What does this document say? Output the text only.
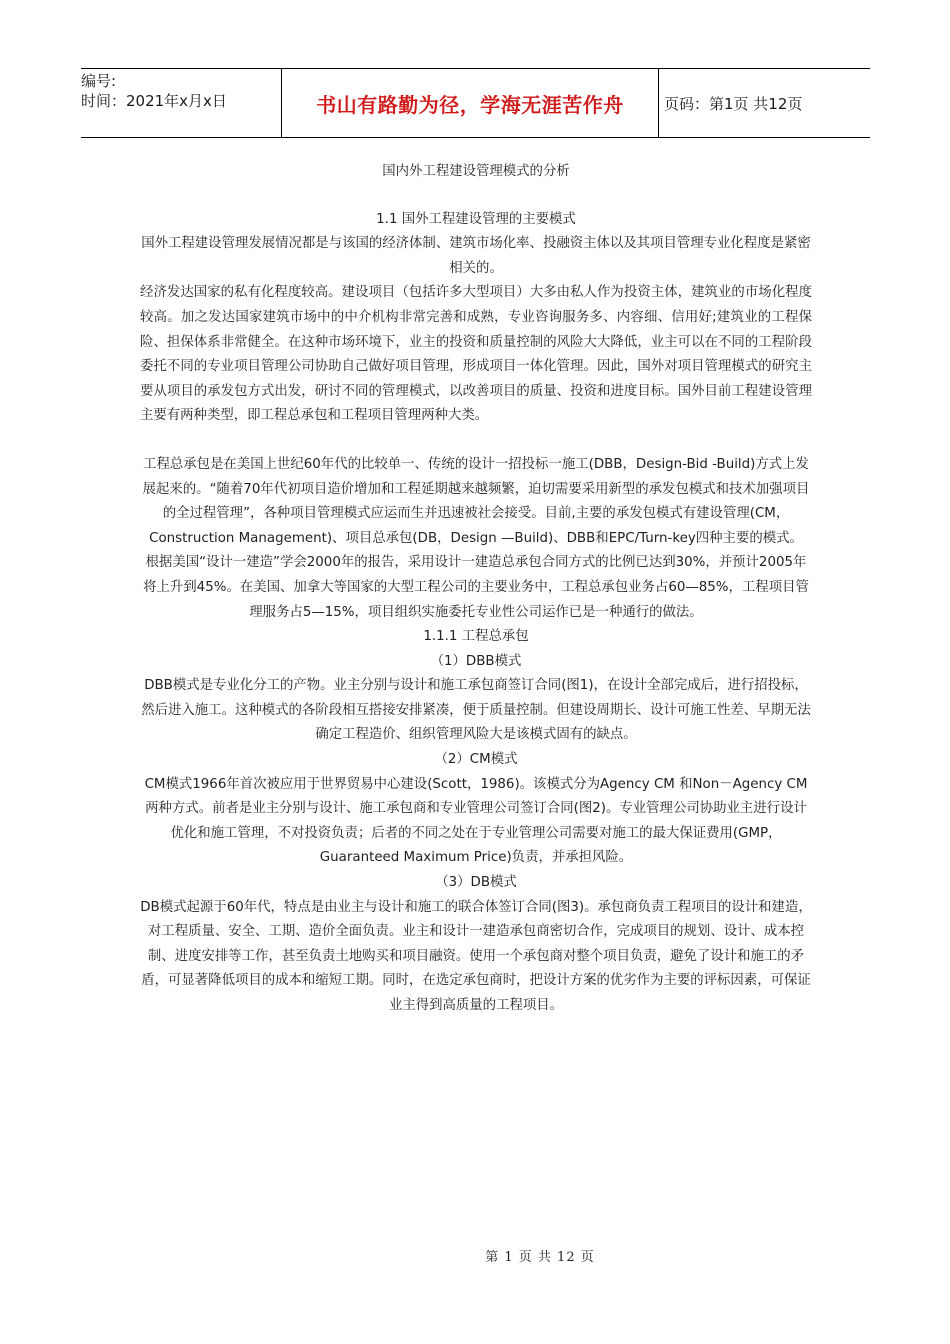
编号:
时间：2021年x月x日	书山有路勤为径，学海无涯苦作舟	页码：第1页 共12页

国内外工程建设管理模式的分析

1.1 国外工程建设管理的主要模式

国外工程建设管理发展情况都是与该国的经济体制、建筑市场化率、投融资主体以及其项目管理专业化程度是紧密相关的。

经济发达国家的私有化程度较高。建设项目（包括许多大型项目）大多由私人作为投资主体，建筑业的市场化程度较高。加之发达国家建筑市场中的中介机构非常完善和成熟，专业咨询服务多、内容细、信用好;建筑业的工程保险、担保体系非常健全。在这种市场环境下，业主的投资和质量控制的风险大大降低，业主可以在不同的工程阶段委托不同的专业项目管理公司协助自己做好项目管理，形成项目一体化管理。因此，国外对项目管理模式的研究主要从项目的承发包方式出发，研讨不同的管理模式，以改善项目的质量、投资和进度目标。国外目前工程建设管理主要有两种类型，即工程总承包和工程项目管理两种大类。

工程总承包是在美国上世纪60年代的比较单一、传统的设计一招投标一施工(DBB，Design-Bid -Build)方式上发展起来的。“随着70年代初项目造价增加和工程延期越来越频繁，迫切需要采用新型的承发包模式和技术加强项目的全过程管理”，各种项目管理模式应运而生并迅速被社会接受。目前,主要的承发包模式有建设管理(CM，Construction Management)、项目总承包(DB，Design —Build)、DBB和EPC/Turn-key四种主要的模式。

根据美国“设计一建造”学会2000年的报告，采用设计一建造总承包合同方式的比例已达到30%，并预计2005年将上升到45%。在美国、加拿大等国家的大型工程公司的主要业务中，工程总承包业务占60—85%，工程项目管理服务占5—15%，项目组织实施委托专业性公司运作已是一种通行的做法。

1.1.1 工程总承包

（1）DBB模式

DBB模式是专业化分工的产物。业主分别与设计和施工承包商签订合同(图1)，在设计全部完成后，进行招投标，然后进入施工。这种模式的各阶段相互搭接安排紧凑，便于质量控制。但建设周期长、设计可施工性差、早期无法确定工程造价、组织管理风险大是该模式固有的缺点。

（2）CM模式

CM模式1966年首次被应用于世界贸易中心建设(Scott，1986)。该模式分为Agency CM 和Non－Agency CM两种方式。前者是业主分别与设计、施工承包商和专业管理公司签订合同(图2)。专业管理公司协助业主进行设计优化和施工管理，不对投资负责；后者的不同之处在于专业管理公司需要对施工的最大保证费用(GMP，Guaranteed Maximum Price)负责，并承担风险。

（3）DB模式

DB模式起源于60年代，特点是由业主与设计和施工的联合体签订合同(图3)。承包商负责工程项目的设计和建造，对工程质量、安全、工期、造价全面负责。业主和设计一建造承包商密切合作，完成项目的规划、设计、成本控制、进度安排等工作，甚至负责土地购买和项目融资。使用一个承包商对整个项目负责，避免了设计和施工的矛盾，可显著降低项目的成本和缩短工期。同时，在选定承包商时，把设计方案的优劣作为主要的评标因素，可保证业主得到高质量的工程项目。

第 1 页 共 12 页
